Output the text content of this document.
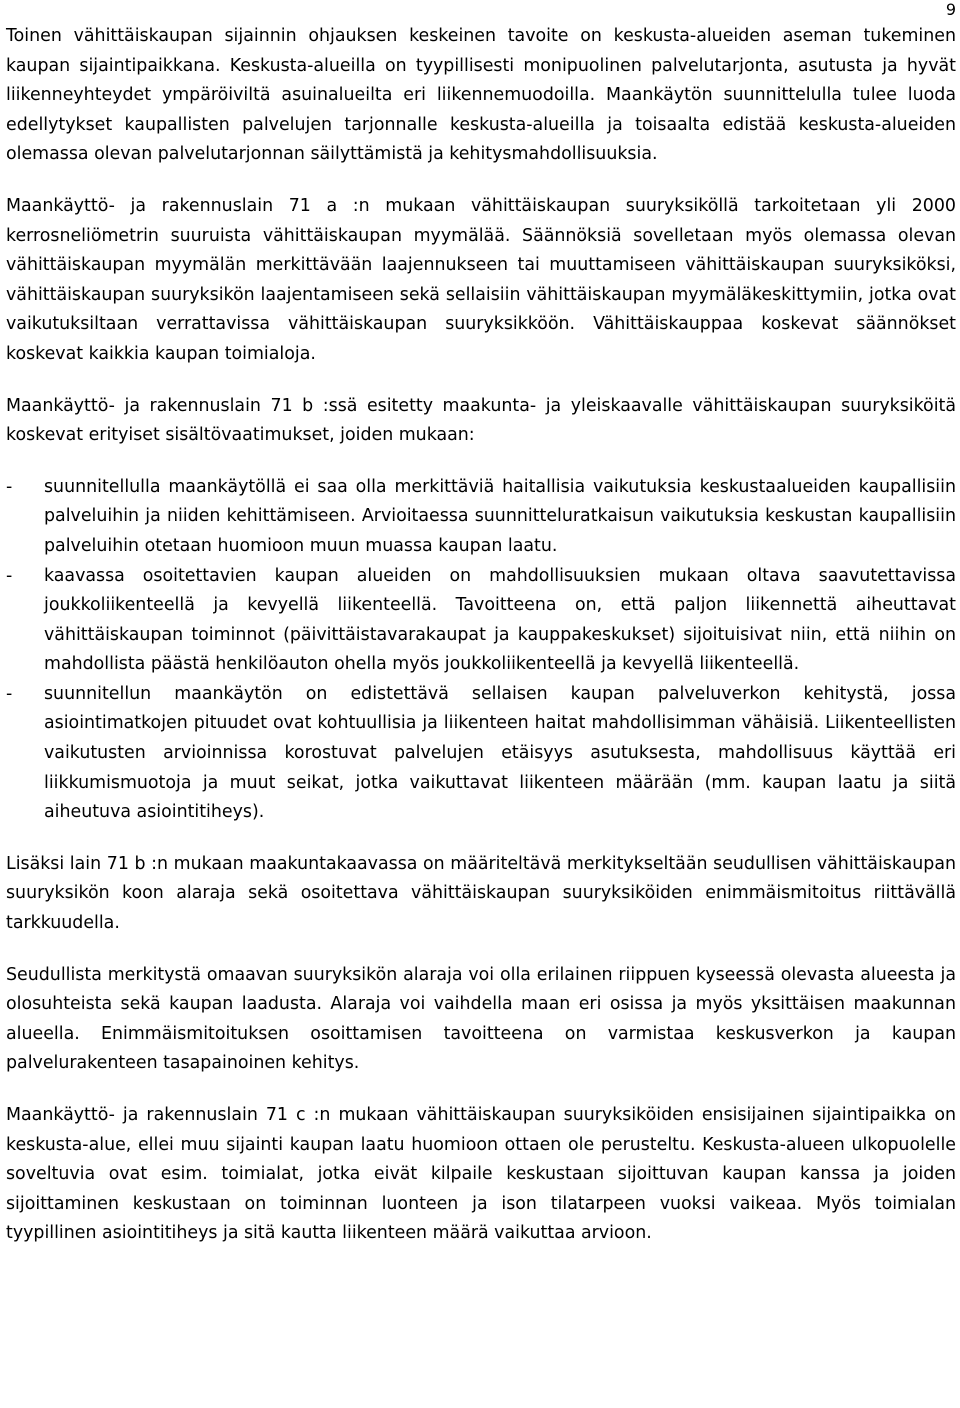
9

Toinen vähittäiskaupan sijainnin ohjauksen keskeinen tavoite on keskusta-alueiden aseman tukeminen kaupan sijaintipaikkana. Keskusta-alueilla on tyypillisesti monipuolinen palvelutarjonta, asutusta ja hyvät liikenneyhteydet ympäröiviltä asuinalueilta eri liikennemuodoilla. Maankäytön suunnittelulla tulee luoda edellytykset kaupallisten palvelujen tarjonnalle keskusta-alueilla ja toisaalta edistää keskusta-alueiden olemassa olevan palvelutarjonnan säilyttämistä ja kehitysmahdollisuuksia.

Maankäyttö- ja rakennuslain 71 a :n mukaan vähittäiskaupan suuryksiköllä tarkoitetaan yli 2000 kerrosneliömetrin suuruista vähittäiskaupan myymälää. Säännöksiä sovelletaan myös olemassa olevan vähittäiskaupan myymälän merkittävään laajennukseen tai muuttamiseen vähittäiskaupan suuryksiköksi, vähittäiskaupan suuryksikön laajentamiseen sekä sellaisiin vähittäiskaupan myymäläkeskittymiin, jotka ovat vaikutuksiltaan verrattavissa vähittäiskaupan suuryksikköön. Vähittäiskauppaa koskevat säännökset koskevat kaikkia kaupan toimialoja.

Maankäyttö- ja rakennuslain 71 b :ssä esitetty maakunta- ja yleiskaavalle vähittäiskaupan suuryksiköitä koskevat erityiset sisältövaatimukset, joiden mukaan:

- suunnitellulla maankäytöllä ei saa olla merkittäviä haitallisia vaikutuksia keskustaalueiden kaupallisiin palveluihin ja niiden kehittämiseen. Arvioitaessa suunnitteluratkaisun vaikutuksia keskustan kaupallisiin palveluihin otetaan huomioon muun muassa kaupan laatu.
- kaavassa osoitettavien kaupan alueiden on mahdollisuuksien mukaan oltava saavutettavissa joukkoliikenteellä ja kevyellä liikenteellä. Tavoitteena on, että paljon liikennettä aiheuttavat vähittäiskaupan toiminnot (päivittäistavarakaupat ja kauppakeskukset) sijoituisivat niin, että niihin on mahdollista päästä henkilöauton ohella myös joukkoliikenteellä ja kevyellä liikenteellä.
- suunnitellun maankäytön on edistettävä sellaisen kaupan palveluverkon kehitystä, jossa asiointimatkojen pituudet ovat kohtuullisia ja liikenteen haitat mahdollisimman vähäisiä. Liikenteellisten vaikutusten arvioinnissa korostuvat palvelujen etäisyys asutuksesta, mahdollisuus käyttää eri liikkumismuotoja ja muut seikat, jotka vaikuttavat liikenteen määrään (mm. kaupan laatu ja siitä aiheutuva asiointitiheys).

Lisäksi lain 71 b :n mukaan maakuntakaavassa on määriteltävä merkitykseltään seudullisen vähittäiskaupan suuryksikön koon alaraja sekä osoitettava vähittäiskaupan suuryksiköiden enimmäismitoitus riittävällä tarkkuudella.

Seudullista merkitystä omaavan suuryksikön alaraja voi olla erilainen riippuen kyseessä olevasta alueesta ja olosuhteista sekä kaupan laadusta. Alaraja voi vaihdella maan eri osissa ja myös yksittäisen maakunnan alueella. Enimmäismitoituksen osoittamisen tavoitteena on varmistaa keskusverkon ja kaupan palvelurakenteen tasapainoinen kehitys.

Maankäyttö- ja rakennuslain 71 c :n mukaan vähittäiskaupan suuryksiköiden ensisijainen sijaintipaikka on keskusta-alue, ellei muu sijainti kaupan laatu huomioon ottaen ole perusteltu. Keskusta-alueen ulkopuolelle soveltuvia ovat esim. toimialat, jotka eivät kilpaile keskustaan sijoittuvan kaupan kanssa ja joiden sijoittaminen keskustaan on toiminnan luonteen ja ison tilatarpeen vuoksi vaikeaa. Myös toimialan tyypillinen asiointitiheys ja sitä kautta liikenteen määrä vaikuttaa arvioon.
